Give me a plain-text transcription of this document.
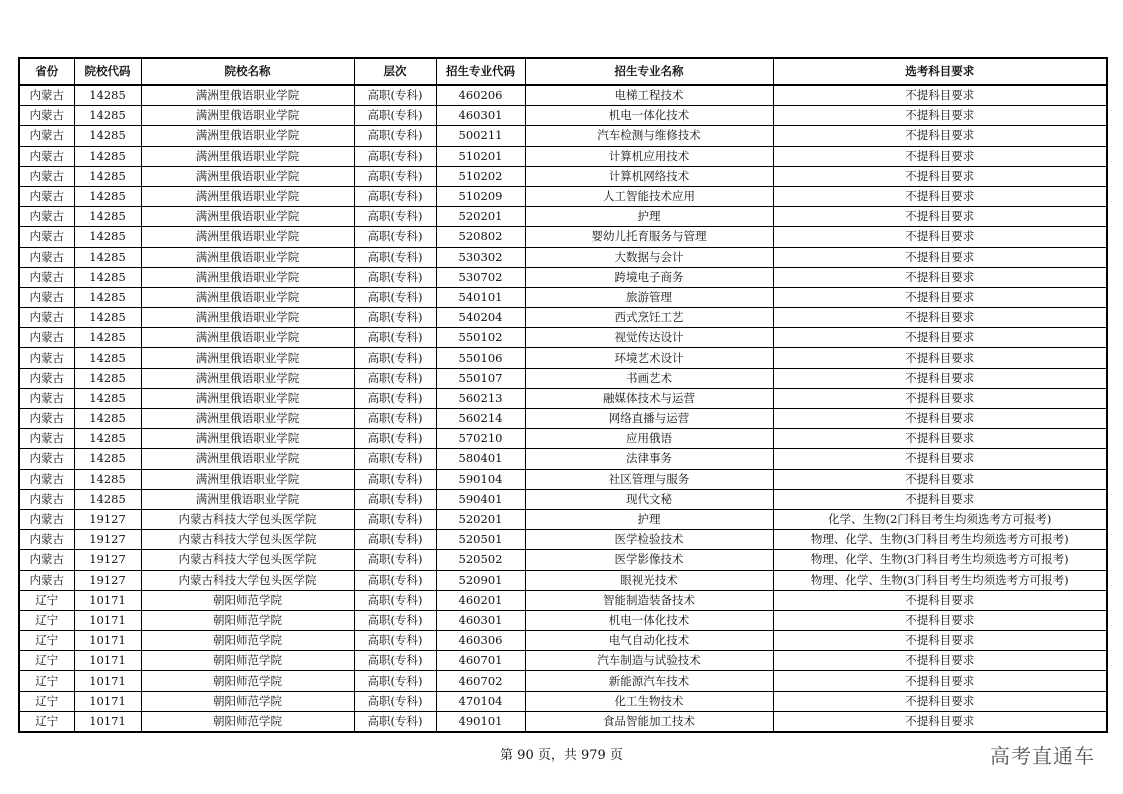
省份	院校代码	院校名称	层次	招生专业代码	招生专业名称	选考科目要求
内蒙古	14285	满洲里俄语职业学院	高职(专科)	460206	电梯工程技术	不提科目要求
内蒙古	14285	满洲里俄语职业学院	高职(专科)	460301	机电一体化技术	不提科目要求
内蒙古	14285	满洲里俄语职业学院	高职(专科)	500211	汽车检测与维修技术	不提科目要求
内蒙古	14285	满洲里俄语职业学院	高职(专科)	510201	计算机应用技术	不提科目要求
内蒙古	14285	满洲里俄语职业学院	高职(专科)	510202	计算机网络技术	不提科目要求
内蒙古	14285	满洲里俄语职业学院	高职(专科)	510209	人工智能技术应用	不提科目要求
内蒙古	14285	满洲里俄语职业学院	高职(专科)	520201	护理	不提科目要求
内蒙古	14285	满洲里俄语职业学院	高职(专科)	520802	婴幼儿托育服务与管理	不提科目要求
内蒙古	14285	满洲里俄语职业学院	高职(专科)	530302	大数据与会计	不提科目要求
内蒙古	14285	满洲里俄语职业学院	高职(专科)	530702	跨境电子商务	不提科目要求
内蒙古	14285	满洲里俄语职业学院	高职(专科)	540101	旅游管理	不提科目要求
内蒙古	14285	满洲里俄语职业学院	高职(专科)	540204	西式烹饪工艺	不提科目要求
内蒙古	14285	满洲里俄语职业学院	高职(专科)	550102	视觉传达设计	不提科目要求
内蒙古	14285	满洲里俄语职业学院	高职(专科)	550106	环境艺术设计	不提科目要求
内蒙古	14285	满洲里俄语职业学院	高职(专科)	550107	书画艺术	不提科目要求
内蒙古	14285	满洲里俄语职业学院	高职(专科)	560213	融媒体技术与运营	不提科目要求
内蒙古	14285	满洲里俄语职业学院	高职(专科)	560214	网络直播与运营	不提科目要求
内蒙古	14285	满洲里俄语职业学院	高职(专科)	570210	应用俄语	不提科目要求
内蒙古	14285	满洲里俄语职业学院	高职(专科)	580401	法律事务	不提科目要求
内蒙古	14285	满洲里俄语职业学院	高职(专科)	590104	社区管理与服务	不提科目要求
内蒙古	14285	满洲里俄语职业学院	高职(专科)	590401	现代文秘	不提科目要求
内蒙古	19127	内蒙古科技大学包头医学院	高职(专科)	520201	护理	化学、生物(2门科目考生均须选考方可报考)
内蒙古	19127	内蒙古科技大学包头医学院	高职(专科)	520501	医学检验技术	物理、化学、生物(3门科目考生均须选考方可报考)
内蒙古	19127	内蒙古科技大学包头医学院	高职(专科)	520502	医学影像技术	物理、化学、生物(3门科目考生均须选考方可报考)
内蒙古	19127	内蒙古科技大学包头医学院	高职(专科)	520901	眼视光技术	物理、化学、生物(3门科目考生均须选考方可报考)
辽宁	10171	朝阳师范学院	高职(专科)	460201	智能制造装备技术	不提科目要求
辽宁	10171	朝阳师范学院	高职(专科)	460301	机电一体化技术	不提科目要求
辽宁	10171	朝阳师范学院	高职(专科)	460306	电气自动化技术	不提科目要求
辽宁	10171	朝阳师范学院	高职(专科)	460701	汽车制造与试验技术	不提科目要求
辽宁	10171	朝阳师范学院	高职(专科)	460702	新能源汽车技术	不提科目要求
辽宁	10171	朝阳师范学院	高职(专科)	470104	化工生物技术	不提科目要求
辽宁	10171	朝阳师范学院	高职(专科)	490101	食品智能加工技术	不提科目要求
第 90 页，共 979 页	高考直通车
